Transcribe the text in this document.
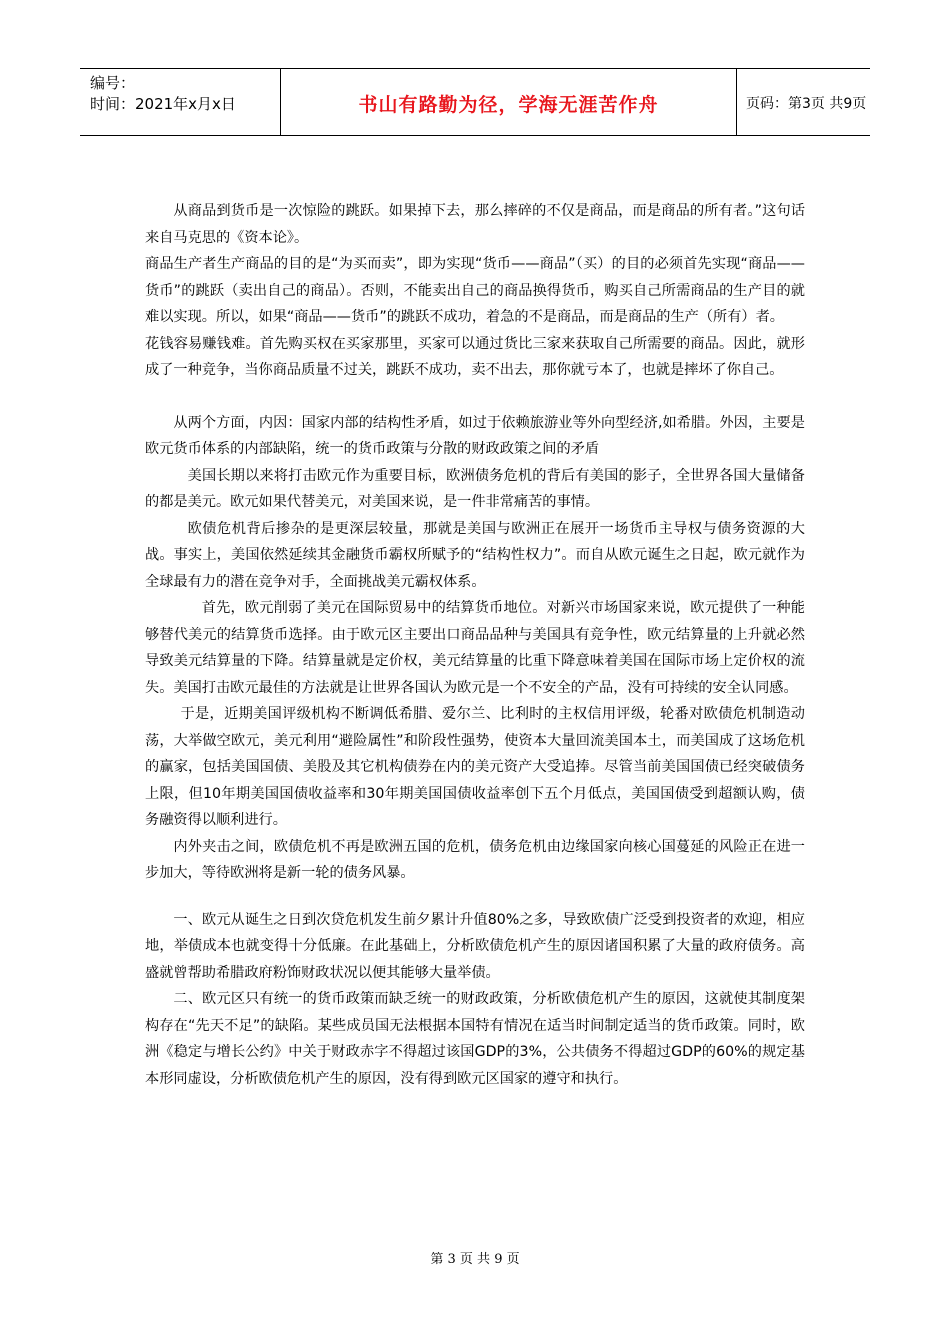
编号：
时间：2021年x月x日	书山有路勤为径，学海无涯苦作舟	页码：第3页 共9页

从商品到货币是一次惊险的跳跃。如果掉下去，那么摔碎的不仅是商品，而是商品的所有者。”这句话来自马克思的《资本论》。

商品生产者生产商品的目的是“为买而卖”，即为实现“货币——商品”（买）的目的必须首先实现“商品——货币”的跳跃（卖出自己的商品）。否则，不能卖出自己的商品换得货币，购买自己所需商品的生产目的就难以实现。所以，如果“商品——货币”的跳跃不成功，着急的不是商品，而是商品的生产（所有）者。

花钱容易赚钱难。首先购买权在买家那里，买家可以通过货比三家来获取自己所需要的商品。因此，就形成了一种竞争，当你商品质量不过关，跳跃不成功，卖不出去，那你就亏本了，也就是摔坏了你自己。

从两个方面，内因：国家内部的结构性矛盾，如过于依赖旅游业等外向型经济,如希腊。外因，主要是欧元货币体系的内部缺陷，统一的货币政策与分散的财政政策之间的矛盾

美国长期以来将打击欧元作为重要目标，欧洲债务危机的背后有美国的影子，全世界各国大量储备的都是美元。欧元如果代替美元，对美国来说，是一件非常痛苦的事情。

欧债危机背后掺杂的是更深层较量，那就是美国与欧洲正在展开一场货币主导权与债务资源的大战。事实上，美国依然延续其金融货币霸权所赋予的“结构性权力”。而自从欧元诞生之日起，欧元就作为全球最有力的潜在竞争对手，全面挑战美元霸权体系。

首先，欧元削弱了美元在国际贸易中的结算货币地位。对新兴市场国家来说，欧元提供了一种能够替代美元的结算货币选择。由于欧元区主要出口商品品种与美国具有竞争性，欧元结算量的上升就必然导致美元结算量的下降。结算量就是定价权，美元结算量的比重下降意味着美国在国际市场上定价权的流失。美国打击欧元最佳的方法就是让世界各国认为欧元是一个不安全的产品，没有可持续的安全认同感。

于是，近期美国评级机构不断调低希腊、爱尔兰、比利时的主权信用评级，轮番对欧债危机制造动荡，大举做空欧元，美元利用“避险属性”和阶段性强势，使资本大量回流美国本土，而美国成了这场危机的赢家，包括美国国债、美股及其它机构债券在内的美元资产大受追捧。尽管当前美国国债已经突破债务上限，但10年期美国国债收益率和30年期美国国债收益率创下五个月低点，美国国债受到超额认购，债务融资得以顺利进行。

内外夹击之间，欧债危机不再是欧洲五国的危机，债务危机由边缘国家向核心国蔓延的风险正在进一步加大，等待欧洲将是新一轮的债务风暴。

一、欧元从诞生之日到次贷危机发生前夕累计升值80%之多，导致欧债广泛受到投资者的欢迎，相应地，举债成本也就变得十分低廉。在此基础上，分析欧债危机产生的原因诸国积累了大量的政府债务。高盛就曾帮助希腊政府粉饰财政状况以便其能够大量举债。

二、欧元区只有统一的货币政策而缺乏统一的财政政策，分析欧债危机产生的原因，这就使其制度架构存在“先天不足”的缺陷。某些成员国无法根据本国特有情况在适当时间制定适当的货币政策。同时，欧洲《稳定与增长公约》中关于财政赤字不得超过该国GDP的3%，公共债务不得超过GDP的60%的规定基本形同虚设，分析欧债危机产生的原因，没有得到欧元区国家的遵守和执行。

第 3 页 共 9 页
